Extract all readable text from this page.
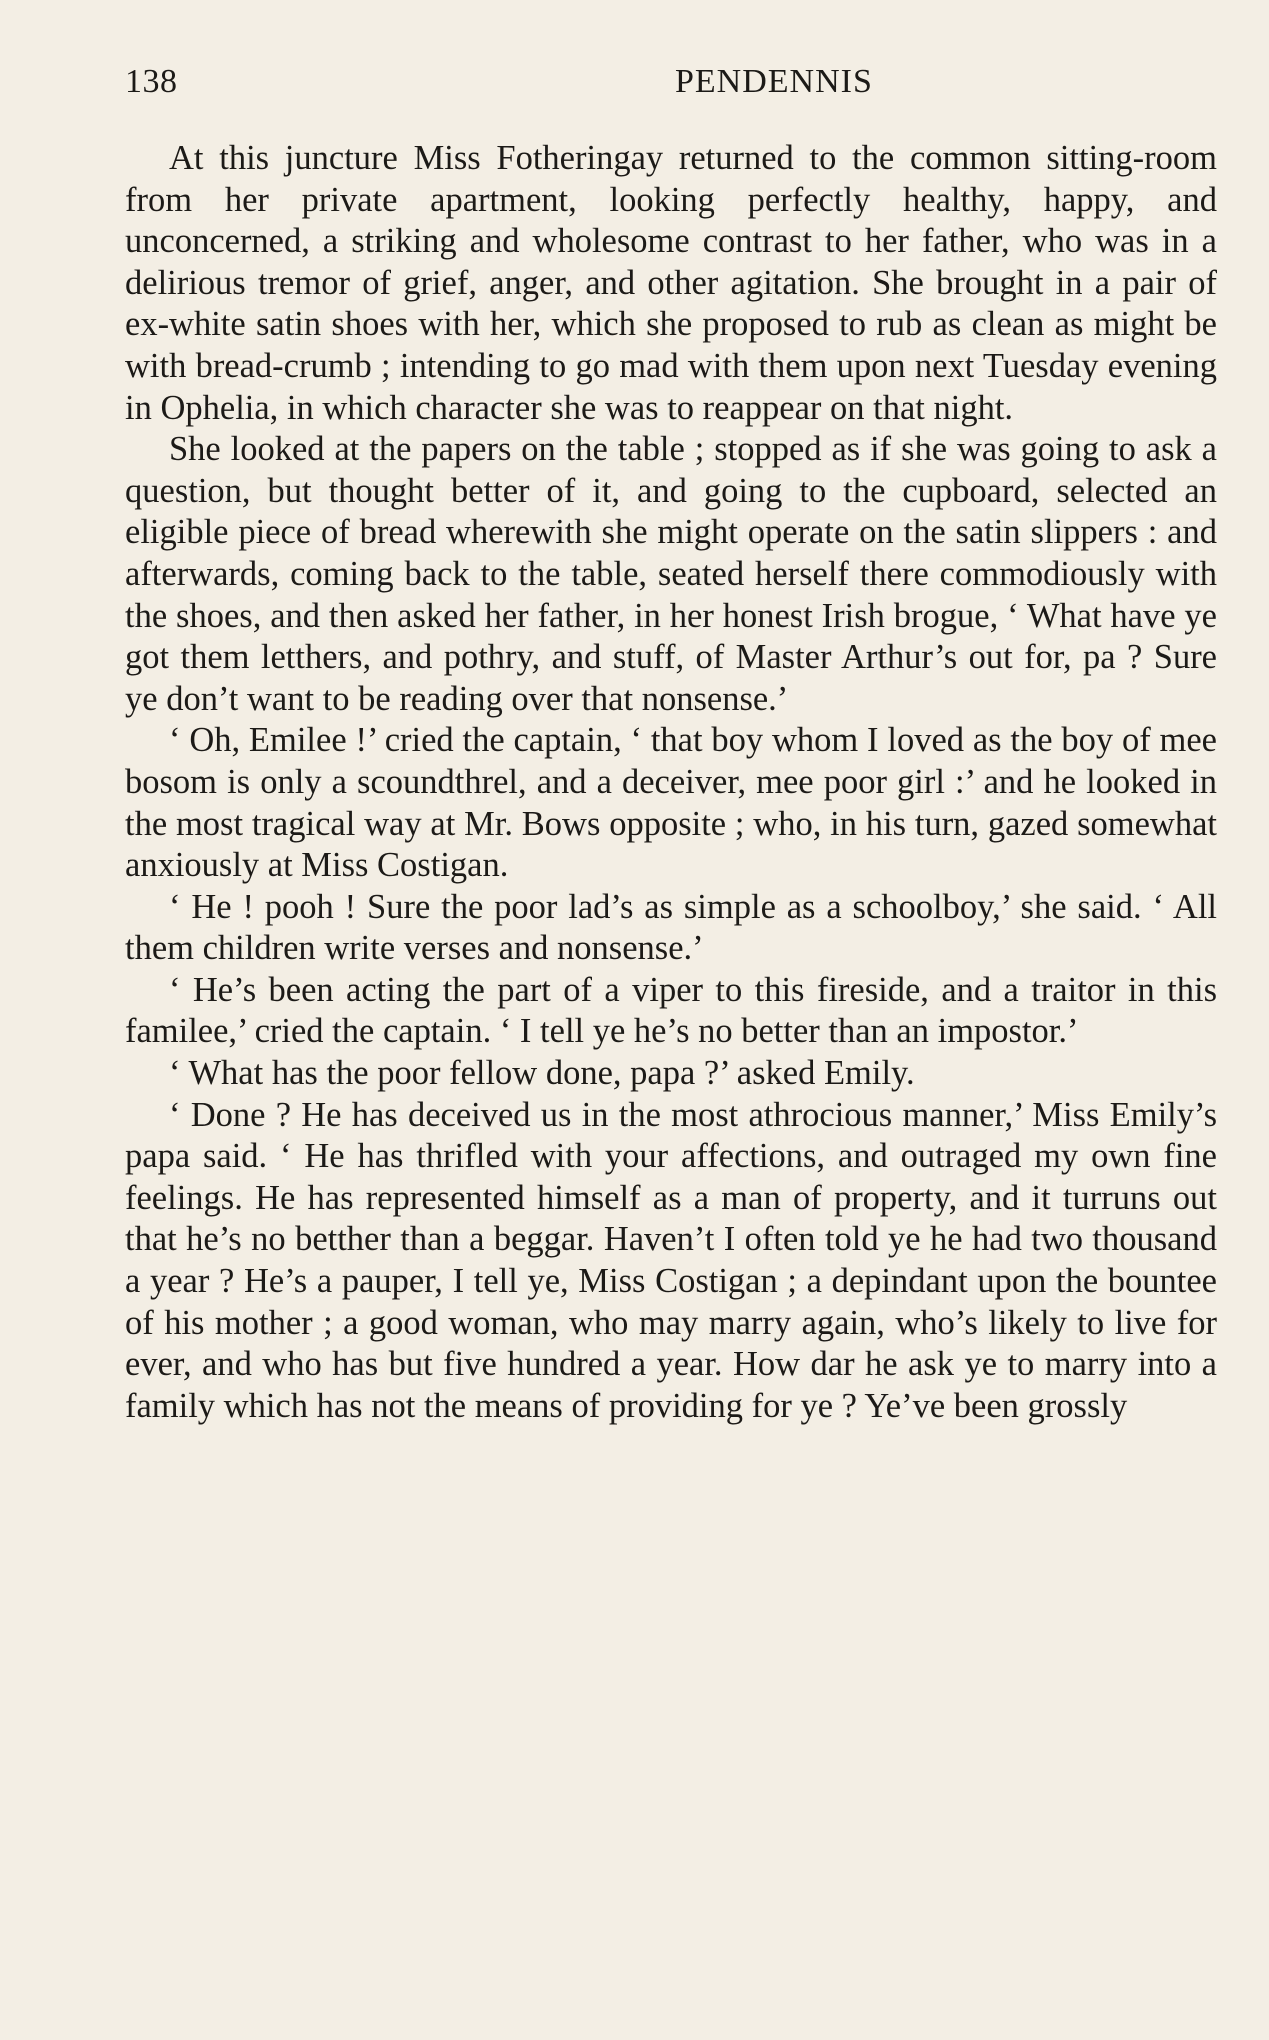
138	PENDENNIS

At this juncture Miss Fotheringay returned to the common sitting-room from her private apartment, looking perfectly healthy, happy, and unconcerned, a striking and wholesome contrast to her father, who was in a delirious tremor of grief, anger, and other agitation. She brought in a pair of ex-white satin shoes with her, which she proposed to rub as clean as might be with bread-crumb ; intending to go mad with them upon next Tuesday evening in Ophelia, in which character she was to reappear on that night.

She looked at the papers on the table ; stopped as if she was going to ask a question, but thought better of it, and going to the cupboard, selected an eligible piece of bread wherewith she might operate on the satin slippers : and afterwards, coming back to the table, seated herself there commodiously with the shoes, and then asked her father, in her honest Irish brogue, ‘ What have ye got them letthers, and pothry, and stuff, of Master Arthur’s out for, pa ? Sure ye don’t want to be reading over that nonsense.’

‘ Oh, Emilee !’ cried the captain, ‘ that boy whom I loved as the boy of mee bosom is only a scoundthrel, and a deceiver, mee poor girl :’ and he looked in the most tragical way at Mr. Bows opposite ; who, in his turn, gazed somewhat anxiously at Miss Costigan.

‘ He ! pooh ! Sure the poor lad’s as simple as a schoolboy,’ she said. ‘ All them children write verses and nonsense.’

‘ He’s been acting the part of a viper to this fireside, and a traitor in this familee,’ cried the captain. ‘ I tell ye he’s no better than an impostor.’

‘ What has the poor fellow done, papa ?’ asked Emily.

‘ Done ? He has deceived us in the most athrocious manner,’ Miss Emily’s papa said. ‘ He has thrifled with your affections, and outraged my own fine feelings. He has represented himself as a man of property, and it turruns out that he’s no betther than a beggar. Haven’t I often told ye he had two thousand a year ? He’s a pauper, I tell ye, Miss Costigan ; a depindant upon the bountee of his mother ; a good woman, who may marry again, who’s likely to live for ever, and who has but five hundred a year. How dar he ask ye to marry into a family which has not the means of providing for ye ? Ye’ve been grossly
